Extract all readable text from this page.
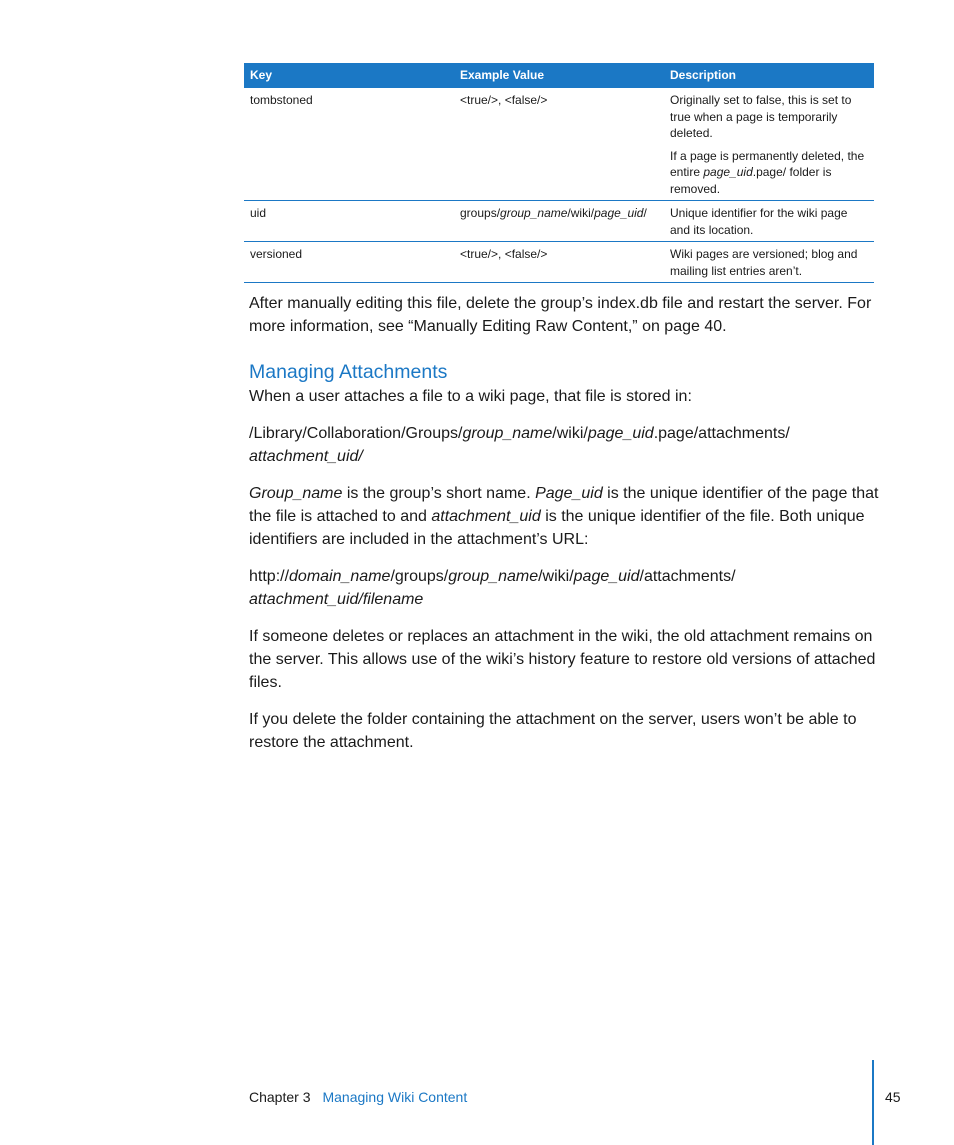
Key	Example Value	Description
tombstoned	<true/>, <false/>	Originally set to false, this is set to true when a page is temporarily deleted.

If a page is permanently deleted, the entire page_uid.page/ folder is removed.

uid	groups/group_name/wiki/page_uid/	Unique identifier for the wiki page and its location.
versioned	<true/>, <false/>	Wiki pages are versioned; blog and mailing list entries aren’t.

After manually editing this file, delete the group’s index.db file and restart the server. For more information, see “Manually Editing Raw Content,” on page 40.

Managing Attachments

When a user attaches a file to a wiki page, that file is stored in:

/Library/Collaboration/Groups/group_name/wiki/page_uid.page/attachments/
attachment_uid/

Group_name is the group’s short name. Page_uid is the unique identifier of the page that the file is attached to and attachment_uid is the unique identifier of the file. Both unique identifiers are included in the attachment’s URL:

http://domain_name/groups/group_name/wiki/page_uid/attachments/
attachment_uid/filename

If someone deletes or replaces an attachment in the wiki, the old attachment remains on the server. This allows use of the wiki’s history feature to restore old versions of attached files.

If you delete the folder containing the attachment on the server, users won’t be able to restore the attachment.

Chapter 3 Managing Wiki Content	45
